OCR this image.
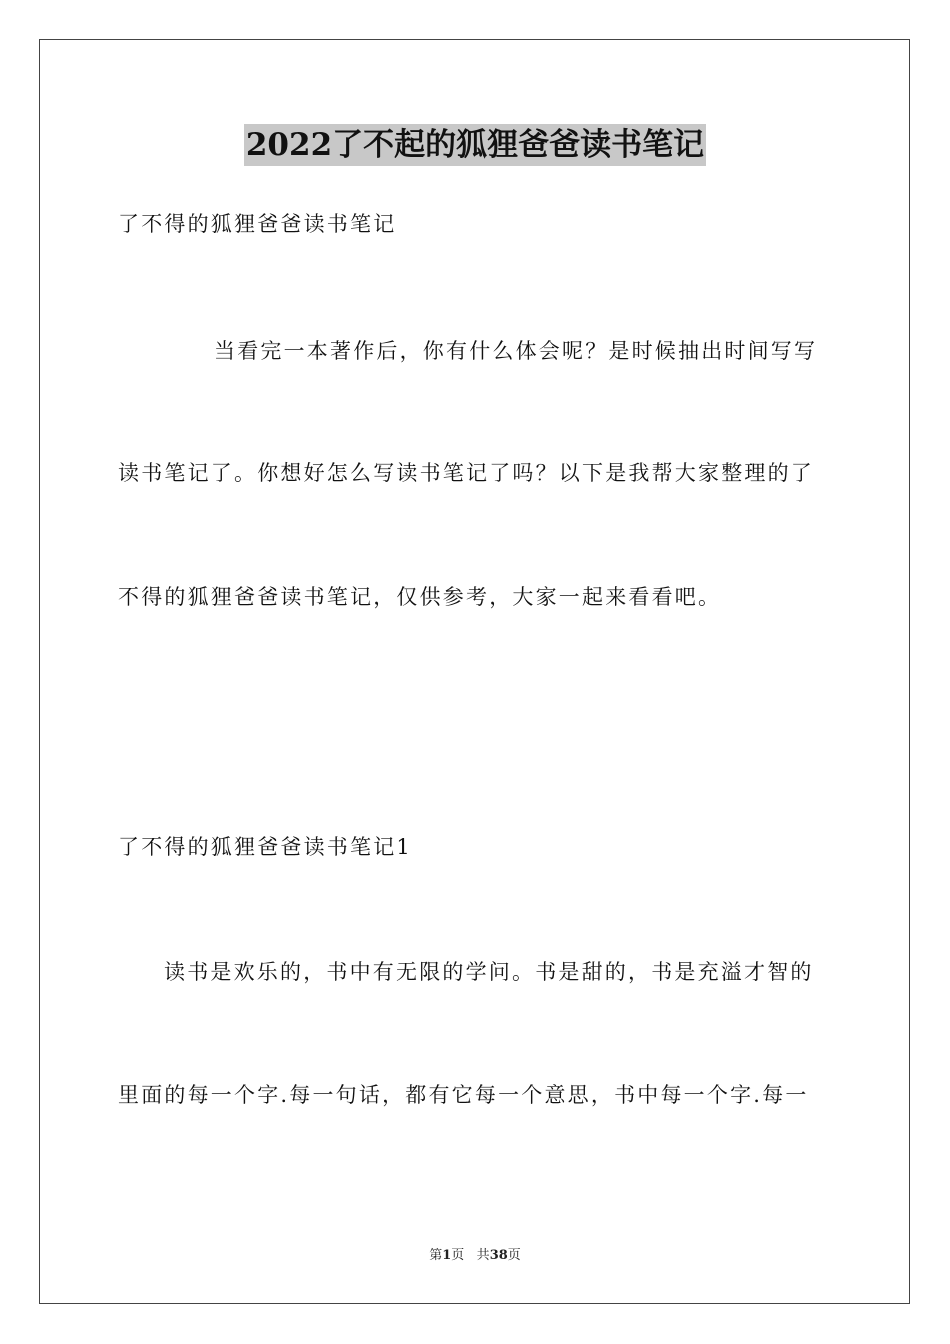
2022了不起的狐狸爸爸读书笔记
了不得的狐狸爸爸读书笔记
当看完一本著作后，你有什么体会呢？是时候抽出时间写写
读书笔记了。你想好怎么写读书笔记了吗？以下是我帮大家整理的了
不得的狐狸爸爸读书笔记，仅供参考，大家一起来看看吧。
了不得的狐狸爸爸读书笔记1
读书是欢乐的，书中有无限的学问。书是甜的，书是充溢才智的
里面的每一个字.每一句话，都有它每一个意思，书中每一个字.每一
第1页 共38页
